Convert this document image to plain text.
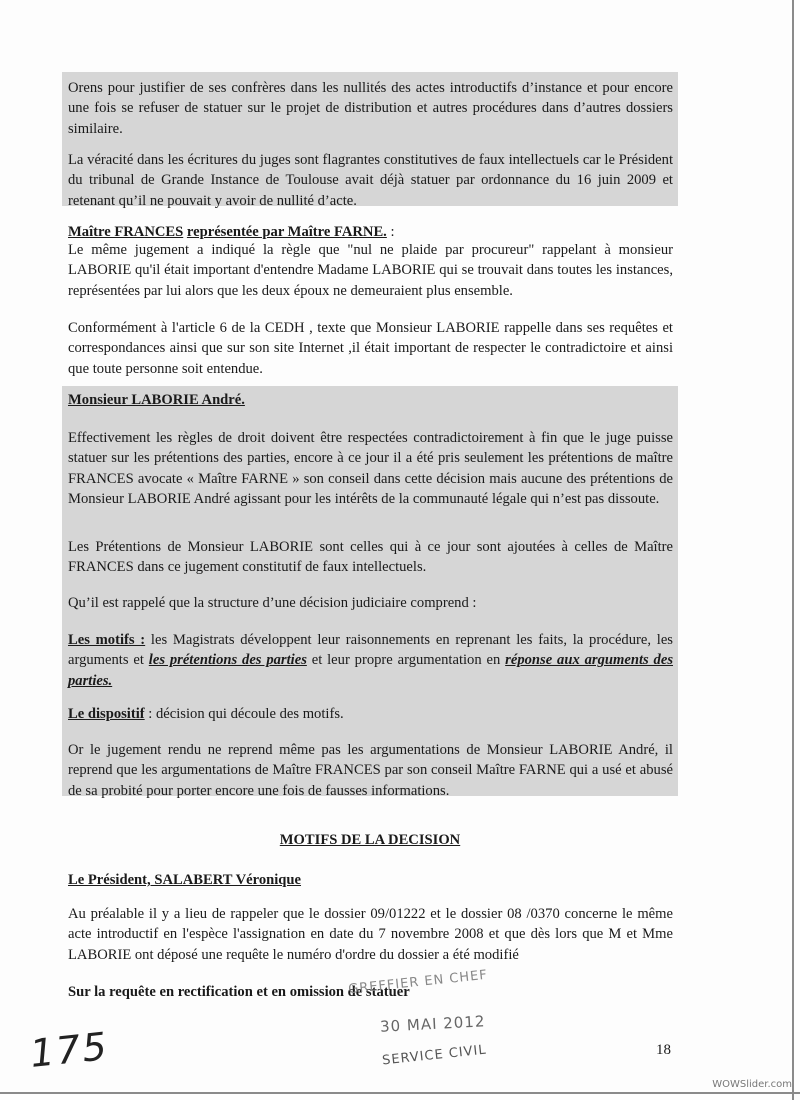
Orens pour justifier de ses confrères dans les nullités des actes introductifs d’instance et pour encore une fois se refuser de statuer sur le projet de distribution et autres procédures dans d’autres dossiers similaire.

La véracité dans les écritures du juges sont flagrantes constitutives de faux intellectuels car le Président du tribunal de Grande Instance de Toulouse avait déjà statuer par ordonnance du 16 juin 2009 et retenant qu’il ne pouvait y avoir de nullité d’acte.

Maître FRANCES représentée par Maître FARNE. :

Le même jugement a indiqué la règle que "nul ne plaide par procureur" rappelant à monsieur LABORIE qu'il était important d'entendre Madame LABORIE qui se trouvait dans toutes les instances, représentées par lui alors que les deux époux ne demeuraient plus ensemble.

Conformément à l'article 6 de la CEDH , texte que Monsieur LABORIE rappelle dans ses requêtes et correspondances ainsi que sur son site Internet ,il était important de respecter le contradictoire et ainsi que toute personne soit entendue.

Monsieur LABORIE André.

Effectivement les règles de droit doivent être respectées contradictoirement à fin que le juge puisse statuer sur les prétentions des parties, encore à ce jour il a été pris seulement les prétentions de maître FRANCES avocate « Maître FARNE » son conseil dans cette décision mais aucune des prétentions de Monsieur LABORIE André agissant pour les intérêts de la communauté légale qui n’est pas dissoute.

Les Prétentions de Monsieur LABORIE sont celles qui à ce jour sont ajoutées à celles de Maître FRANCES dans ce jugement constitutif de faux intellectuels.

Qu’il est rappelé que la structure d’une décision judiciaire comprend :

Les motifs : les Magistrats développent leur raisonnements en reprenant les faits, la procédure, les arguments et les prétentions des parties et leur propre argumentation en réponse aux arguments des parties.

Le dispositif : décision qui découle des motifs.

Or le jugement rendu ne reprend même pas les argumentations de Monsieur LABORIE André, il reprend que les argumentations de Maître FRANCES par son conseil Maître FARNE qui a usé et abusé de sa probité pour porter encore une fois de fausses informations.

MOTIFS DE LA DECISION

Le Président, SALABERT Véronique

Au préalable il y a lieu de rappeler que le dossier 09/01222 et le dossier 08 /0370 concerne le même acte introductif en l'espèce l'assignation en date du 7 novembre 2008 et que dès lors que M et Mme LABORIE ont déposé une requête le numéro d'ordre du dossier a été modifié

Sur la requête en rectification et en omission de statuer

GREFFIER EN CHEF
30 MAI 2012
SERVICE CIVIL
175	18
WOWSlider.com
